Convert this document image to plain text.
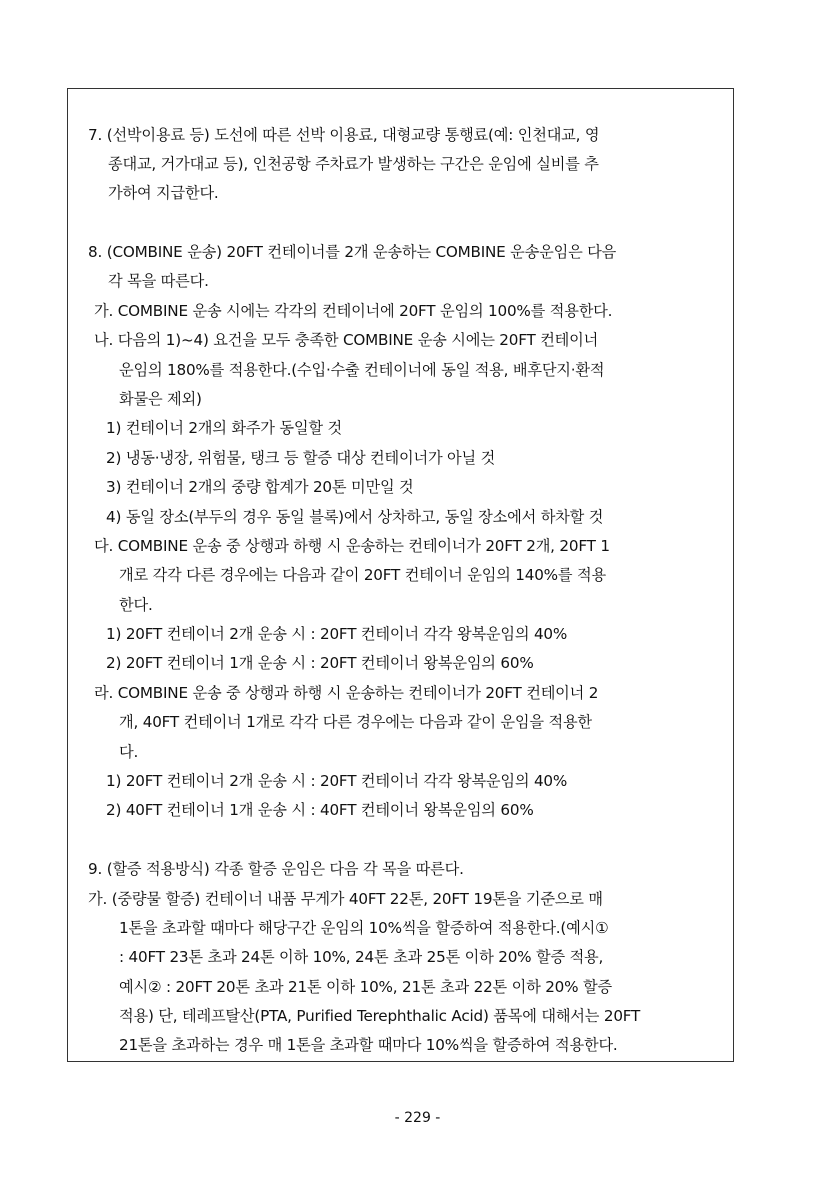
7. (선박이용료 등) 도선에 따른 선박 이용료, 대형교량 통행료(예: 인천대교, 영
종대교, 거가대교 등), 인천공항 주차료가 발생하는 구간은 운임에 실비를 추
가하여 지급한다.
8. (COMBINE 운송) 20FT 컨테이너를 2개 운송하는 COMBINE 운송운임은 다음
각 목을 따른다.
가. COMBINE 운송 시에는 각각의 컨테이너에 20FT 운임의 100%를 적용한다.
나. 다음의 1)~4) 요건을 모두 충족한 COMBINE 운송 시에는 20FT 컨테이너
운임의 180%를 적용한다.(수입·수출 컨테이너에 동일 적용, 배후단지·환적
화물은 제외)
1) 컨테이너 2개의 화주가 동일할 것
2) 냉동·냉장, 위험물, 탱크 등 할증 대상 컨테이너가 아닐 것
3) 컨테이너 2개의 중량 합계가 20톤 미만일 것
4) 동일 장소(부두의 경우 동일 블록)에서 상차하고, 동일 장소에서 하차할 것
다. COMBINE 운송 중 상행과 하행 시 운송하는 컨테이너가 20FT 2개, 20FT 1
개로 각각 다른 경우에는 다음과 같이 20FT 컨테이너 운임의 140%를 적용
한다.
1) 20FT 컨테이너 2개 운송 시 : 20FT 컨테이너 각각 왕복운임의 40%
2) 20FT 컨테이너 1개 운송 시 : 20FT 컨테이너 왕복운임의 60%
라. COMBINE 운송 중 상행과 하행 시 운송하는 컨테이너가 20FT 컨테이너 2
개, 40FT 컨테이너 1개로 각각 다른 경우에는 다음과 같이 운임을 적용한
다.
1) 20FT 컨테이너 2개 운송 시 : 20FT 컨테이너 각각 왕복운임의 40%
2) 40FT 컨테이너 1개 운송 시 : 40FT 컨테이너 왕복운임의 60%
9. (할증 적용방식) 각종 할증 운임은 다음 각 목을 따른다.
가. (중량물 할증) 컨테이너 내품 무게가 40FT 22톤, 20FT 19톤을 기준으로 매
1톤을 초과할 때마다 해당구간 운임의 10%씩을 할증하여 적용한다.(예시①
: 40FT 23톤 초과 24톤 이하 10%, 24톤 초과 25톤 이하 20% 할증 적용,
예시② : 20FT 20톤 초과 21톤 이하 10%, 21톤 초과 22톤 이하 20% 할증
적용) 단, 테레프탈산(PTA, Purified Terephthalic Acid) 품목에 대해서는 20FT
21톤을 초과하는 경우 매 1톤을 초과할 때마다 10%씩을 할증하여 적용한다.
- 229 -
